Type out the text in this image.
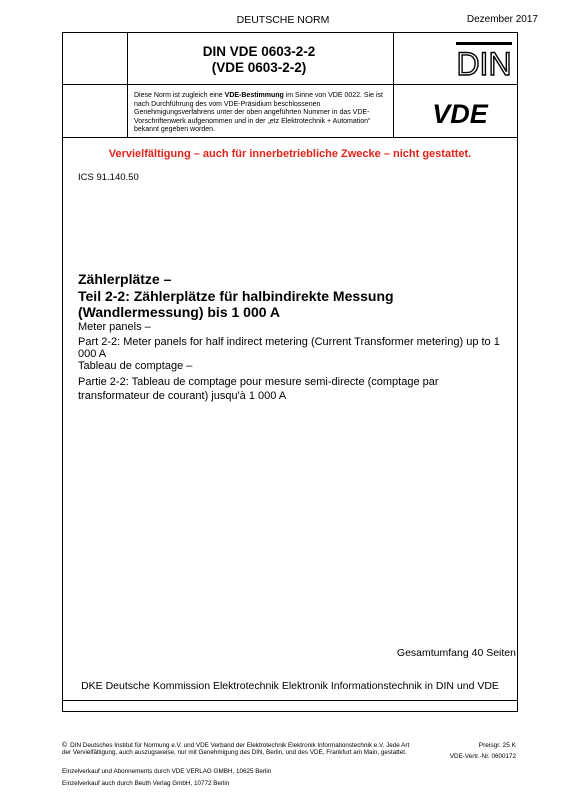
DEUTSCHE NORM	Dezember 2017
DIN VDE 0603-2-2
(VDE 0603-2-2)	DIN
VDE
Diese Norm ist zugleich eine VDE-Bestimmung im Sinne von VDE 0022. Sie ist nach Durchführung des vom VDE-Präsidium beschlossenen Genehmigungsverfahrens unter der oben angeführten Nummer in das VDE-Vorschriftenwerk aufgenommen und in der „etz Elektrotechnik + Automation“ bekannt gegeben worden.
Vervielfältigung – auch für innerbetriebliche Zwecke – nicht gestattet.
ICS 91.140.50
Zählerplätze –
Teil 2-2: Zählerplätze für halbindirekte Messung (Wandlermessung) bis 1 000 A
Meter panels –
Part 2-2: Meter panels for half indirect metering (Current Transformer metering) up to 1 000 A
Tableau de comptage –
Partie 2-2: Tableau de comptage pour mesure semi-directe (comptage par transformateur de courant) jusqu'à 1 000 A
Gesamtumfang 40 Seiten
DKE Deutsche Kommission Elektrotechnik Elektronik Informationstechnik in DIN und VDE
© DIN Deutsches Institut für Normung e.V. und VDE Verband der Elektrotechnik Elektronik Informationstechnik e.V. Jede Art der Vervielfältigung, auch auszugsweise, nur mit Genehmigung des DIN, Berlin, und des VDE, Frankfurt am Main, gestattet.
Einzelverkauf und Abonnements durch VDE VERLAG GMBH, 10625 Berlin
Einzelverkauf auch durch Beuth Verlag GmbH, 10772 Berlin
Preisgr. 25 K
VDE-Vertr.-Nr. 0600172
